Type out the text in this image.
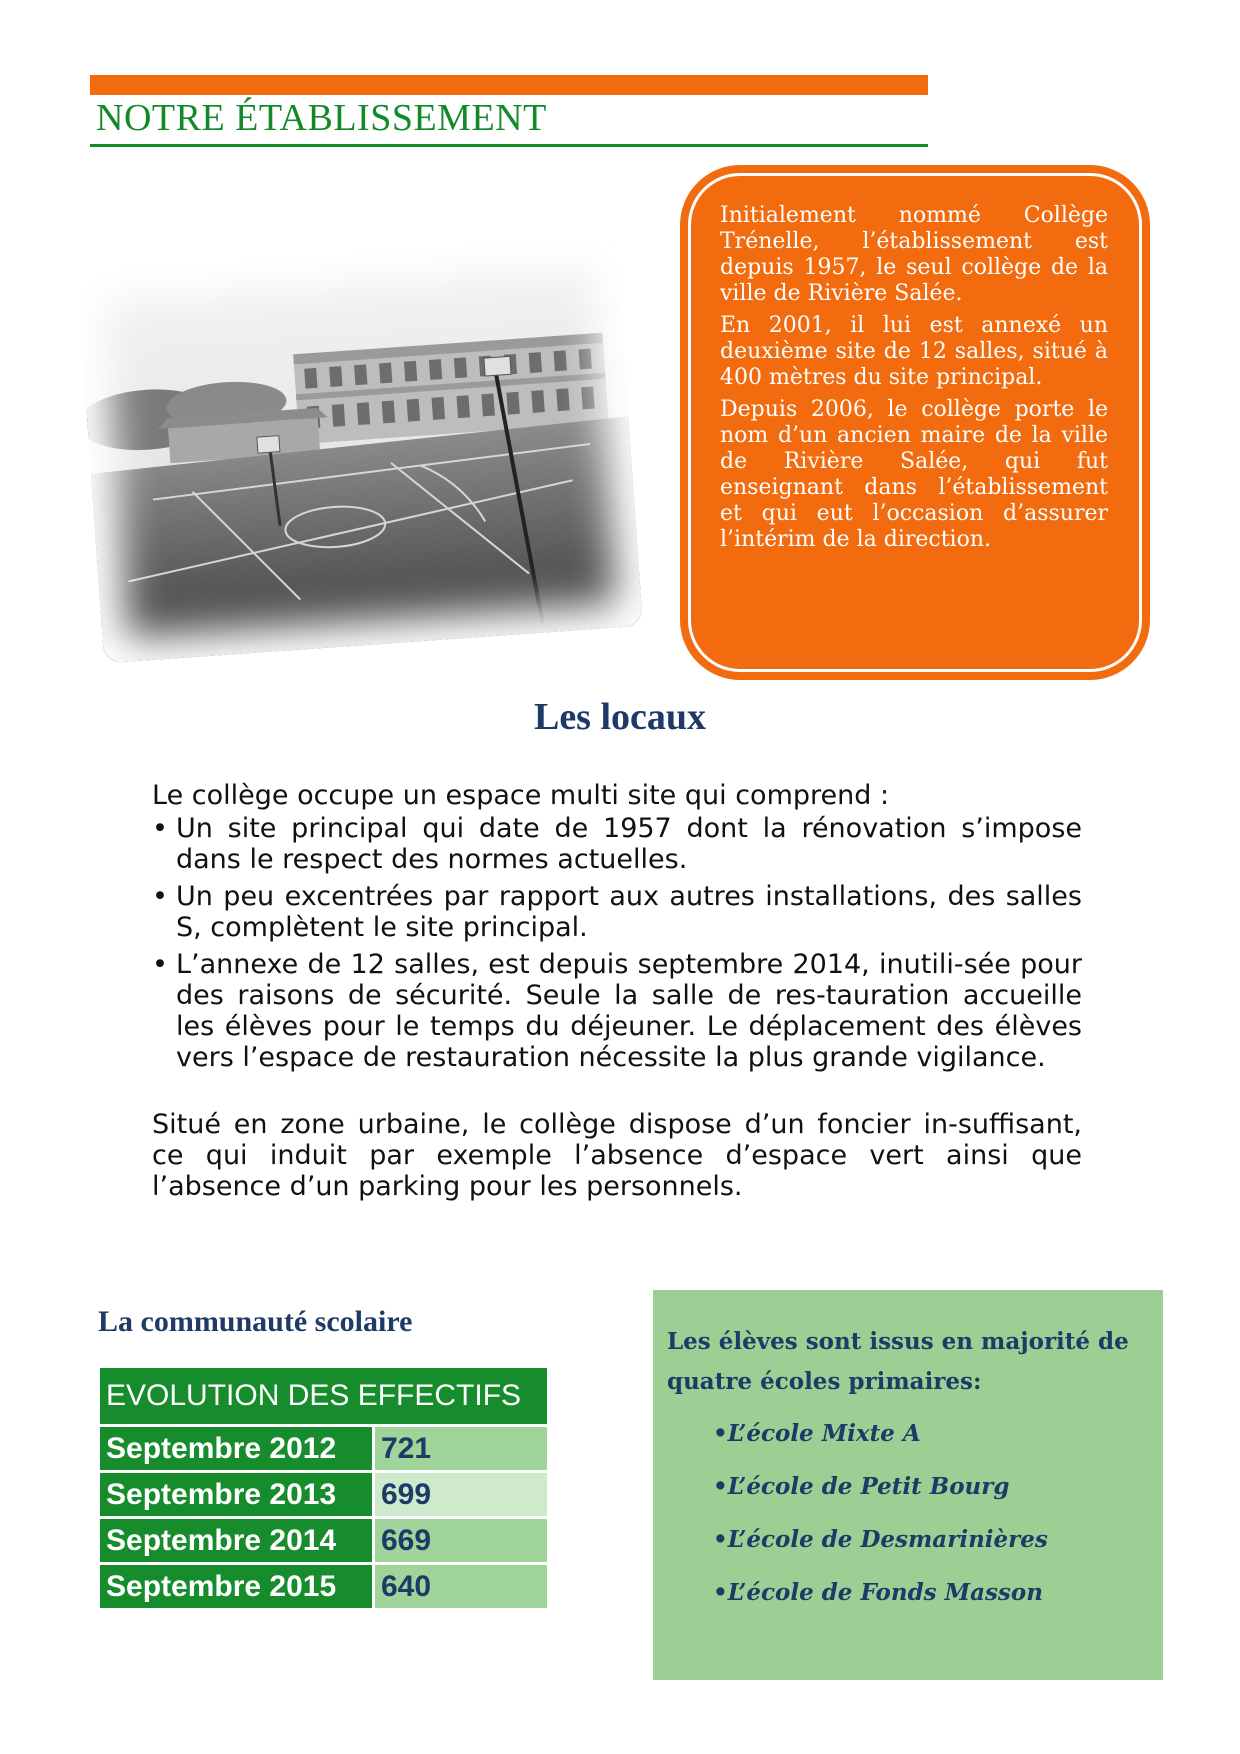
NOTRE ÉTABLISSEMENT

Initialement nommé Collège Trénelle, l’établissement est depuis 1957, le seul collège de la ville de Rivière Salée.

En 2001, il lui est annexé un deuxième site de 12 salles, situé à 400 mètres du site principal.

Depuis 2006, le collège porte le nom d’un ancien maire de la ville de Rivière Salée, qui fut enseignant dans l’établissement et qui eut l’occasion d’assurer l’intérim de la direction.

Les locaux

Le collège occupe un espace multi site qui comprend :

• Un site principal qui date de 1957 dont la rénovation s’impose dans le respect des normes actuelles.
• Un peu excentrées par rapport aux autres installations, des salles S, complètent le site principal.
• L’annexe de 12 salles, est depuis septembre 2014, inutili-sée pour des raisons de sécurité. Seule la salle de res-tauration accueille les élèves pour le temps du déjeuner. Le déplacement des élèves vers l’espace de restauration nécessite la plus grande vigilance.

Situé en zone urbaine, le collège dispose d’un foncier in-suffisant, ce qui induit par exemple l’absence d’espace vert ainsi que l’absence d’un parking pour les personnels.

La communauté scolaire
EVOLUTION DES EFFECTIFS	
Septembre 2012	721
Septembre 2013	699
Septembre 2014	669
Septembre 2015	640

Les élèves sont issus en majorité de quatre écoles primaires:

•L’école Mixte A
•L’école de Petit Bourg
•L’école de Desmarinières
•L’école de Fonds Masson
